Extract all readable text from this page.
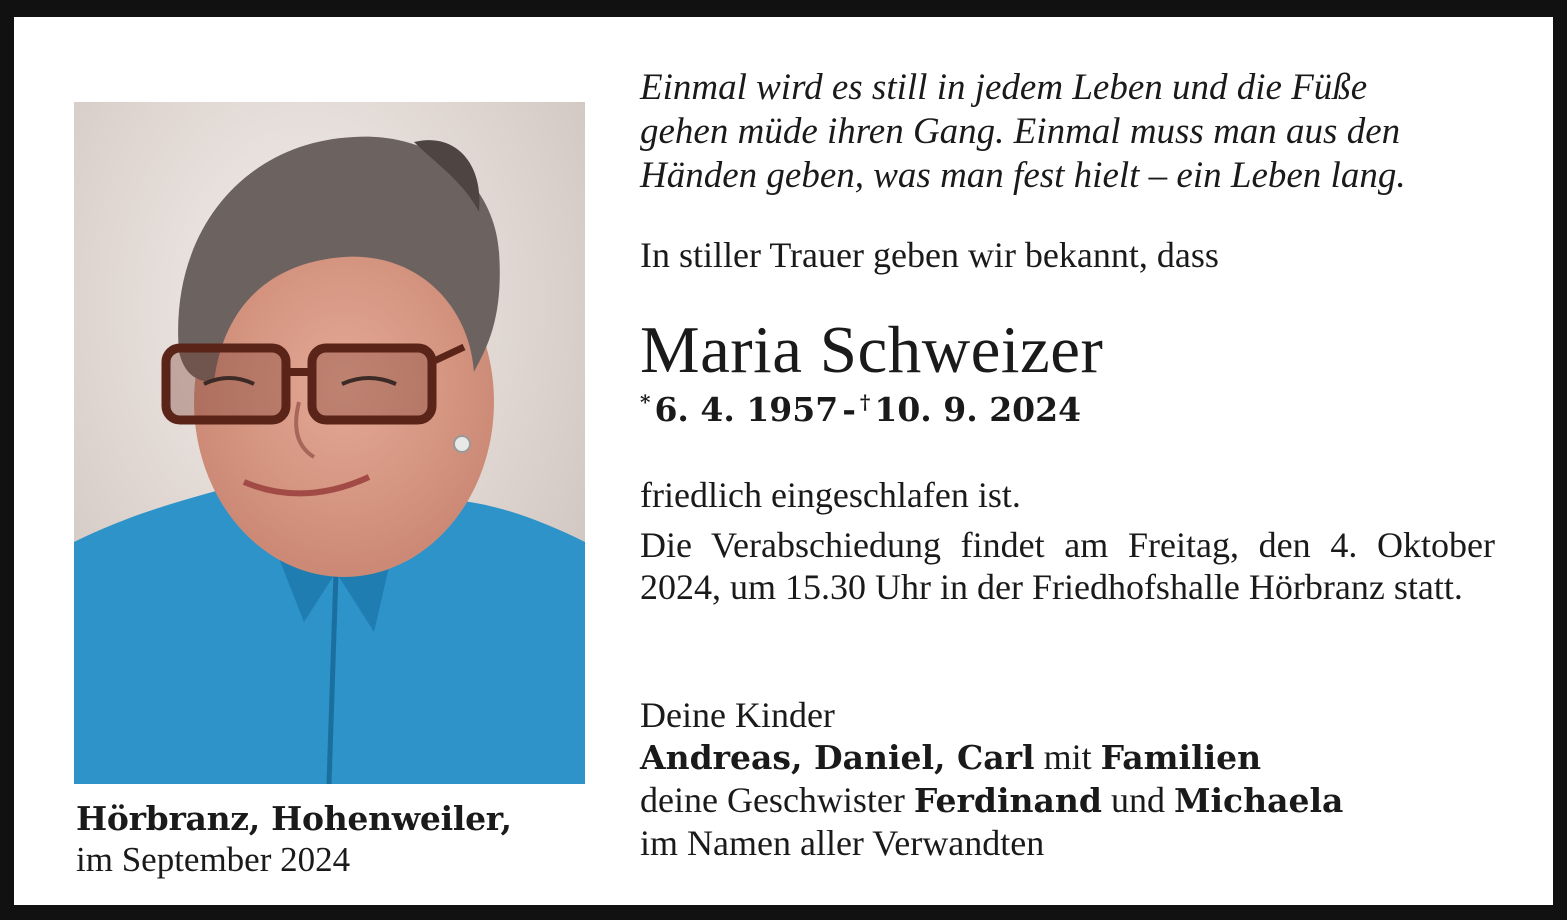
Hörbranz, Hohenweiler,
im September 2024
Einmal wird es still in jedem Leben und die Füße
gehen müde ihren Gang. Einmal muss man aus den
Händen geben, was man fest hielt – ein Leben lang.
In stiller Trauer geben wir bekannt, dass
Maria Schweizer
* 6. 4. 1957 - † 10. 9. 2024

friedlich eingeschlafen ist.

Die Verabschiedung findet am Freitag, den 4. Oktober 2024, um 15.30 Uhr in der Friedhofshalle Hörbranz statt.

Deine Kinder
Andreas, Daniel, Carl mit Familien
deine Geschwister Ferdinand und Michaela
im Namen aller Verwandten
